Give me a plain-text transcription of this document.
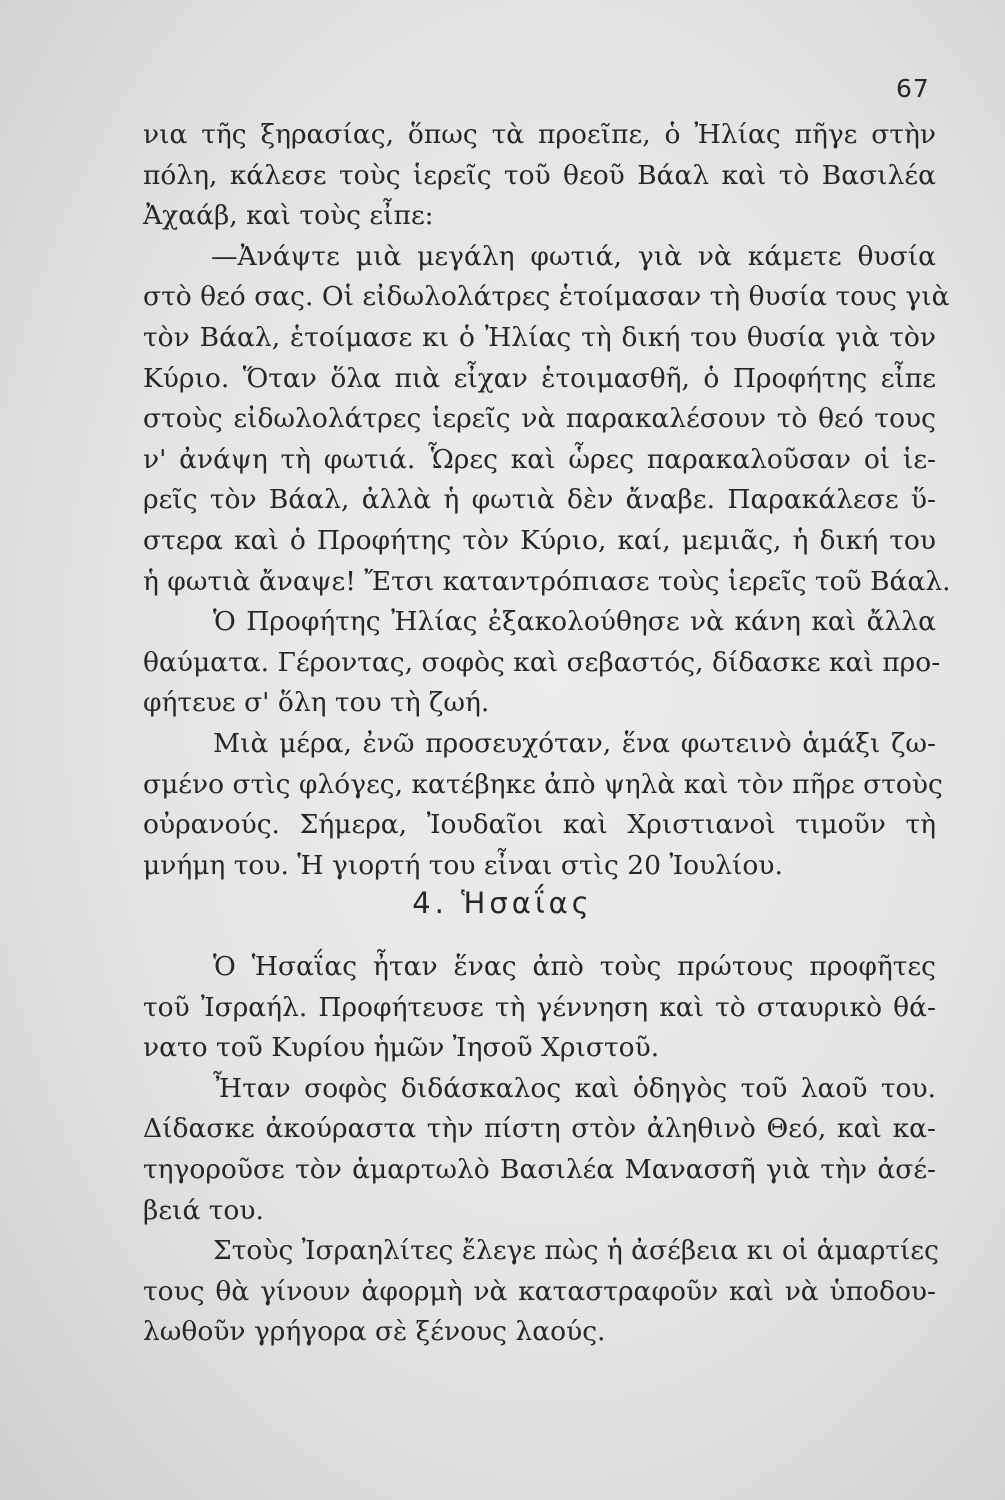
67
νια τῆς ξηρασίας, ὅπως τὰ προεῖπε, ὁ Ἠλίας πῆγε στὴν
πόλη, κάλεσε τοὺς ἱερεῖς τοῦ θεοῦ Βάαλ καὶ τὸ Βασιλέα
Ἀχαάβ, καὶ τοὺς εἶπε:
—Ἀνάψτε μιὰ μεγάλη φωτιά, γιὰ νὰ κάμετε θυσία
στὸ θεό σας. Οἱ εἰδωλολάτρες ἑτοίμασαν τὴ θυσία τους γιὰ
τὸν Βάαλ, ἑτοίμασε κι ὁ Ἠλίας τὴ δική του θυσία γιὰ τὸν
Κύριο. Ὅταν ὅλα πιὰ εἶχαν ἑτοιμασθῆ, ὁ Προφήτης εἶπε
στοὺς εἰδωλολάτρες ἱερεῖς νὰ παρακαλέσουν τὸ θεό τους
ν' ἀνάψη τὴ φωτιά. Ὧρες καὶ ὧρες παρακαλοῦσαν οἱ ἱε-
ρεῖς τὸν Βάαλ, ἀλλὰ ἡ φωτιὰ δὲν ἄναβε. Παρακάλεσε ὕ-
στερα καὶ ὁ Προφήτης τὸν Κύριο, καί, μεμιᾶς, ἡ δική του
ἡ φωτιὰ ἄναψε! Ἔτσι καταντρόπιασε τοὺς ἱερεῖς τοῦ Βάαλ.
Ὁ Προφήτης Ἠλίας ἐξακολούθησε νὰ κάνη καὶ ἄλλα
θαύματα. Γέροντας, σοφὸς καὶ σεβαστός, δίδασκε καὶ προ-
φήτευε σ' ὅλη του τὴ ζωή.
Μιὰ μέρα, ἐνῶ προσευχόταν, ἕνα φωτεινὸ ἁμάξι ζω-
σμένο στὶς φλόγες, κατέβηκε ἀπὸ ψηλὰ καὶ τὸν πῆρε στοὺς
οὐρανούς. Σήμερα, Ἰουδαῖοι καὶ Χριστιανοὶ τιμοῦν τὴ
μνήμη του. Ἡ γιορτή του εἶναι στὶς 20 Ἰουλίου.
4. Ἡσαΐας
Ὁ Ἡσαΐας ἦταν ἕνας ἀπὸ τοὺς πρώτους προφῆτες
τοῦ Ἰσραήλ. Προφήτευσε τὴ γέννηση καὶ τὸ σταυρικὸ θά-
νατο τοῦ Κυρίου ἡμῶν Ἰησοῦ Χριστοῦ.
Ἦταν σοφὸς διδάσκαλος καὶ ὁδηγὸς τοῦ λαοῦ του.
Δίδασκε ἀκούραστα τὴν πίστη στὸν ἀληθινὸ Θεό, καὶ κα-
τηγοροῦσε τὸν ἁμαρτωλὸ Βασιλέα Μανασσῆ γιὰ τὴν ἀσέ-
βειά του.
Στοὺς Ἰσραηλίτες ἔλεγε πὼς ἡ ἀσέβεια κι οἱ ἁμαρτίες
τους θὰ γίνουν ἀφορμὴ νὰ καταστραφοῦν καὶ νὰ ὑποδου-
λωθοῦν γρήγορα σὲ ξένους λαούς.
